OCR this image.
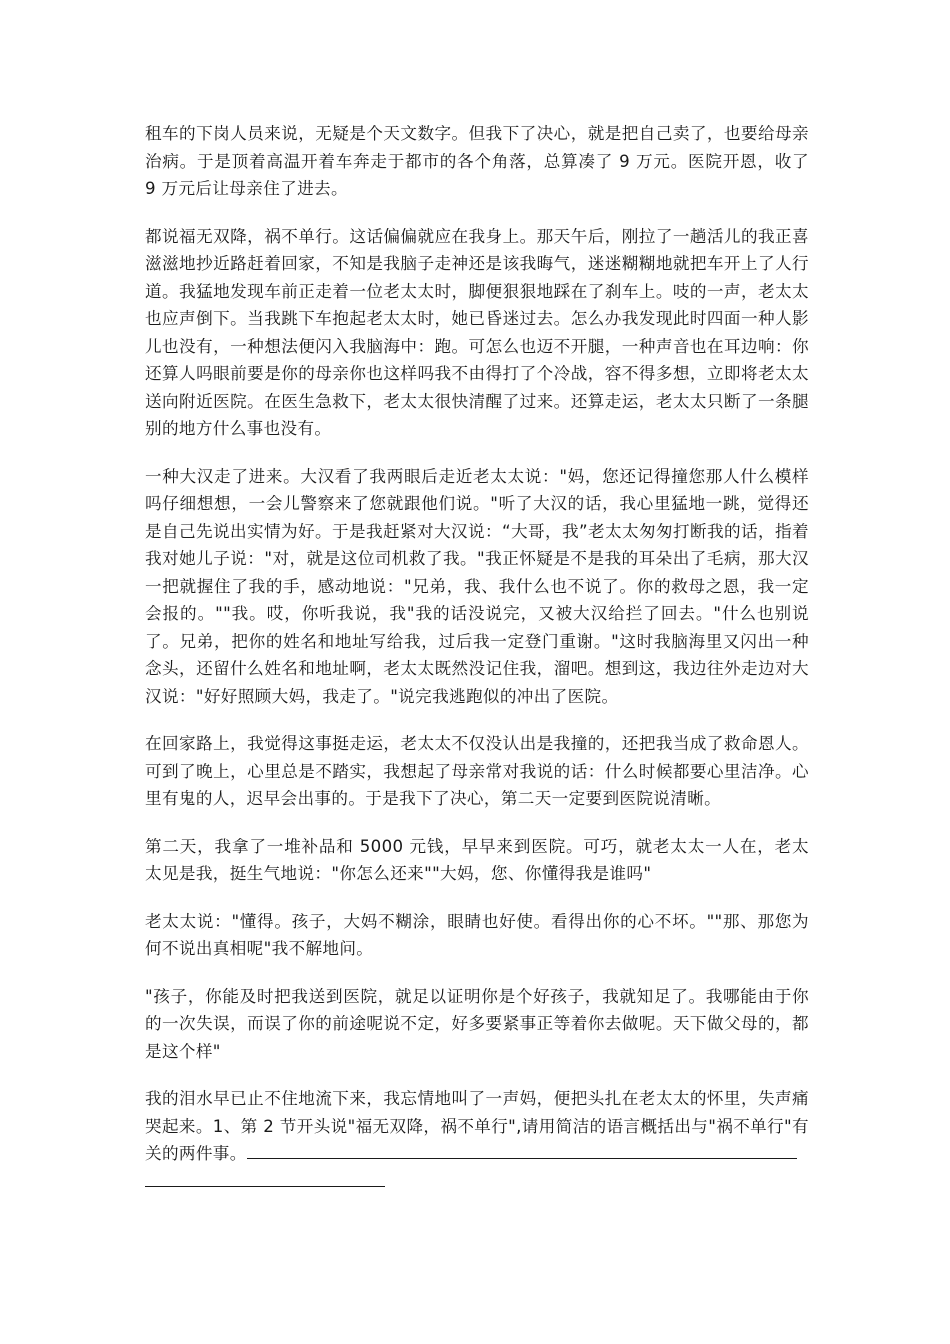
租车的下岗人员来说，无疑是个天文数字。但我下了决心，就是把自己卖了，也要给母亲治病。于是顶着高温开着车奔走于都市的各个角落，总算凑了 9 万元。医院开恩，收了 9 万元后让母亲住了进去。

都说福无双降，祸不单行。这话偏偏就应在我身上。那天午后，刚拉了一趟活儿的我正喜滋滋地抄近路赶着回家，不知是我脑子走神还是该我晦气，迷迷糊糊地就把车开上了人行道。我猛地发现车前正走着一位老太太时，脚便狠狠地踩在了刹车上。吱的一声，老太太也应声倒下。当我跳下车抱起老太太时，她已昏迷过去。怎么办我发现此时四面一种人影儿也没有，一种想法便闪入我脑海中：跑。可怎么也迈不开腿，一种声音也在耳边响：你还算人吗眼前要是你的母亲你也这样吗我不由得打了个冷战，容不得多想，立即将老太太送向附近医院。在医生急救下，老太太很快清醒了过来。还算走运，老太太只断了一条腿别的地方什么事也没有。

一种大汉走了进来。大汉看了我两眼后走近老太太说："妈，您还记得撞您那人什么模样吗仔细想想，一会儿警察来了您就跟他们说。"听了大汉的话，我心里猛地一跳，觉得还是自己先说出实情为好。于是我赶紧对大汉说：“大哥，我”老太太匆匆打断我的话，指着我对她儿子说："对，就是这位司机救了我。"我正怀疑是不是我的耳朵出了毛病，那大汉一把就握住了我的手，感动地说："兄弟，我、我什么也不说了。你的救母之恩，我一定会报的。""我。哎，你听我说，我"我的话没说完，又被大汉给拦了回去。"什么也别说了。兄弟，把你的姓名和地址写给我，过后我一定登门重谢。"这时我脑海里又闪出一种念头，还留什么姓名和地址啊，老太太既然没记住我，溜吧。想到这，我边往外走边对大汉说："好好照顾大妈，我走了。"说完我逃跑似的冲出了医院。

在回家路上，我觉得这事挺走运，老太太不仅没认出是我撞的，还把我当成了救命恩人。可到了晚上，心里总是不踏实，我想起了母亲常对我说的话：什么时候都要心里洁净。心里有鬼的人，迟早会出事的。于是我下了决心，第二天一定要到医院说清晰。

第二天，我拿了一堆补品和 5000 元钱，早早来到医院。可巧，就老太太一人在，老太太见是我，挺生气地说："你怎么还来""大妈，您、你懂得我是谁吗"

老太太说："懂得。孩子，大妈不糊涂，眼睛也好使。看得出你的心不坏。""那、那您为何不说出真相呢"我不解地问。

"孩子，你能及时把我送到医院，就足以证明你是个好孩子，我就知足了。我哪能由于你的一次失误，而误了你的前途呢说不定，好多要紧事正等着你去做呢。天下做父母的，都是这个样"

我的泪水早已止不住地流下来，我忘情地叫了一声妈，便把头扎在老太太的怀里，失声痛哭起来。1、第 2 节开头说"福无双降，祸不单行",请用简洁的语言概括出与"祸不单行"有关的两件事。
